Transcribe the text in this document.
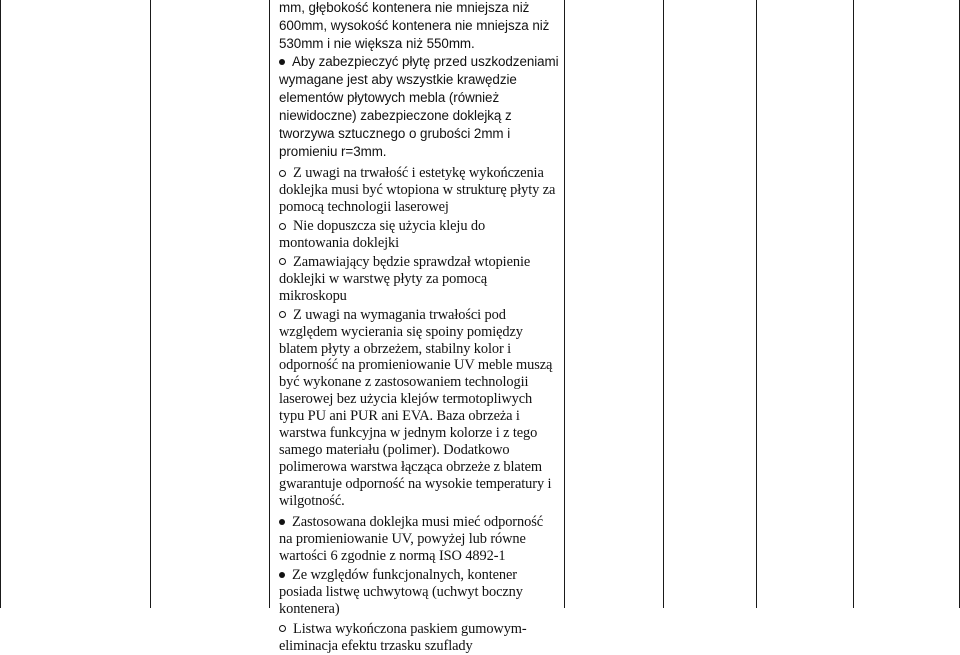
mm, głębokość kontenera nie mniejsza niż
600mm, wysokość kontenera nie mniejsza niż
530mm i nie większa niż 550mm.
Aby zabezpieczyć płytę przed uszkodzeniami
wymagane jest aby wszystkie krawędzie
elementów płytowych mebla (również
niewidoczne) zabezpieczone doklejką z
tworzywa sztucznego o grubości 2mm i
promieniu r=3mm.
Z uwagi na trwałość i estetykę wykończenia
doklejka musi być wtopiona w strukturę płyty za
pomocą technologii laserowej
Nie dopuszcza się użycia kleju do
montowania doklejki
Zamawiający będzie sprawdzał wtopienie
doklejki w warstwę płyty za pomocą
mikroskopu
Z uwagi na wymagania trwałości pod
względem wycierania się spoiny pomiędzy
blatem płyty a obrzeżem, stabilny kolor i
odporność na promieniowanie UV meble muszą
być wykonane z zastosowaniem technologii
laserowej bez użycia klejów termotopliwych
typu PU ani PUR ani EVA. Baza obrzeża i
warstwa funkcyjna w jednym kolorze i z tego
samego materiału (polimer). Dodatkowo
polimerowa warstwa łącząca obrzeże z blatem
gwarantuje odporność na wysokie temperatury i
wilgotność.
Zastosowana doklejka musi mieć odporność
na promieniowanie UV, powyżej lub równe
wartości 6 zgodnie z normą ISO 4892-1
Ze względów funkcjonalnych, kontener
posiada listwę uchwytową (uchwyt boczny
kontenera)
Listwa wykończona paskiem gumowym-
eliminacja efektu trzasku szuflady
